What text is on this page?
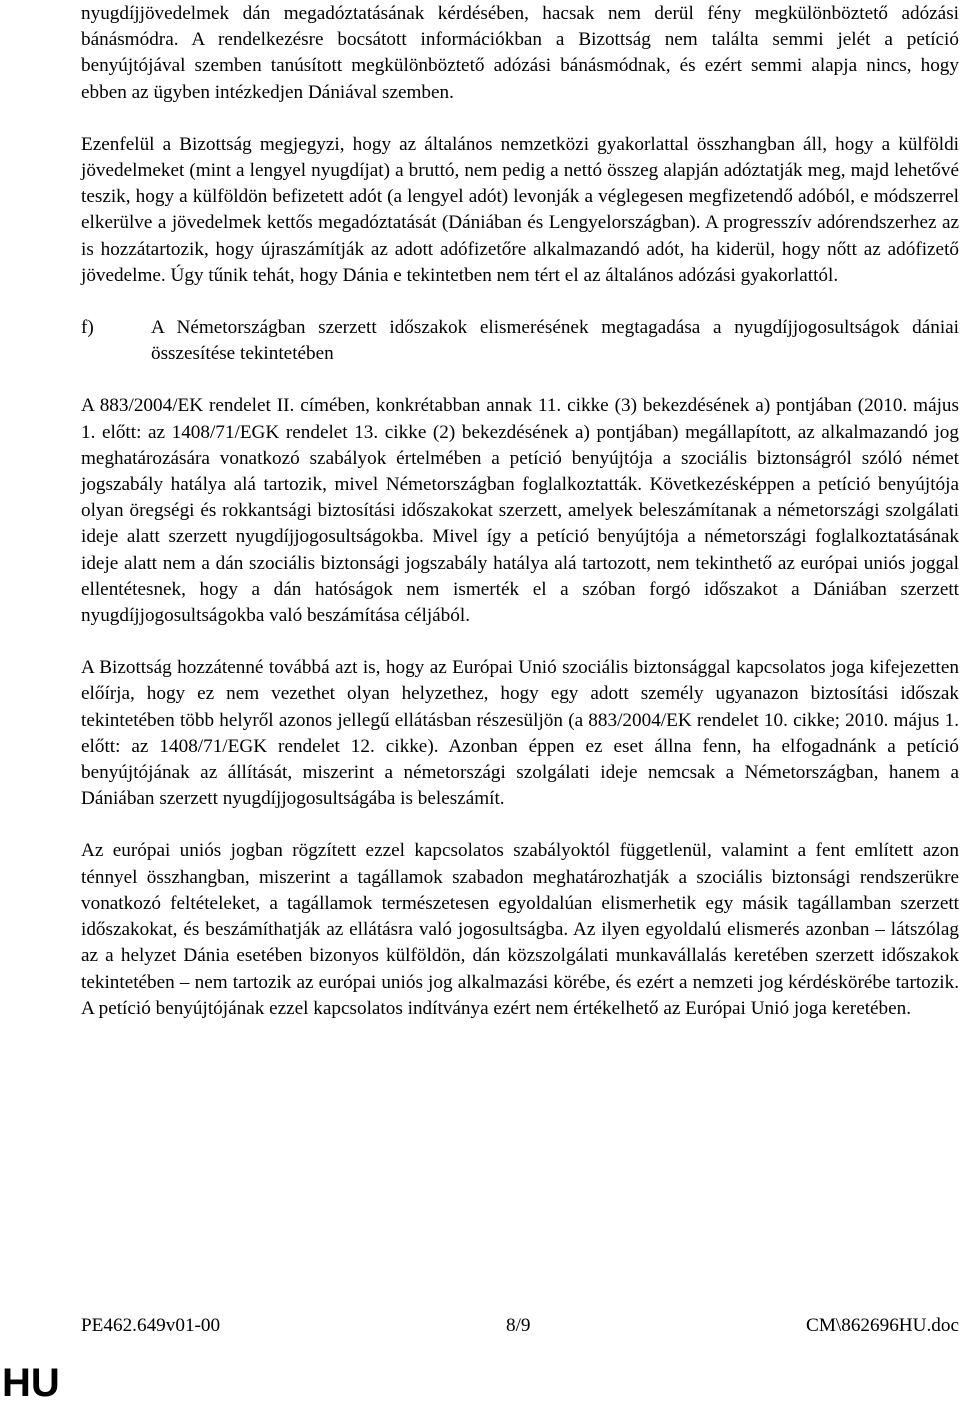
nyugdíjjövedelmek dán megadóztatásának kérdésében, hacsak nem derül fény megkülönböztető adózási bánásmódra. A rendelkezésre bocsátott információkban a Bizottság nem találta semmi jelét a petíció benyújtójával szemben tanúsított megkülönböztető adózási bánásmódnak, és ezért semmi alapja nincs, hogy ebben az ügyben intézkedjen Dániával szemben.

Ezenfelül a Bizottság megjegyzi, hogy az általános nemzetközi gyakorlattal összhangban áll, hogy a külföldi jövedelmeket (mint a lengyel nyugdíjat) a bruttó, nem pedig a nettó összeg alapján adóztatják meg, majd lehetővé teszik, hogy a külföldön befizetett adót (a lengyel adót) levonják a véglegesen megfizetendő adóból, e módszerrel elkerülve a jövedelmek kettős megadóztatását (Dániában és Lengyelországban). A progresszív adórendszerhez az is hozzátartozik, hogy újraszámítják az adott adófizetőre alkalmazandó adót, ha kiderül, hogy nőtt az adófizető jövedelme. Úgy tűnik tehát, hogy Dánia e tekintetben nem tért el az általános adózási gyakorlattól.

f)	A Németországban szerzett időszakok elismerésének megtagadása a nyugdíjjogosultságok dániai összesítése tekintetében

A 883/2004/EK rendelet II. címében, konkrétabban annak 11. cikke (3) bekezdésének a) pontjában (2010. május 1. előtt: az 1408/71/EGK rendelet 13. cikke (2) bekezdésének a) pontjában) megállapított, az alkalmazandó jog meghatározására vonatkozó szabályok értelmében a petíció benyújtója a szociális biztonságról szóló német jogszabály hatálya alá tartozik, mivel Németországban foglalkoztatták. Következésképpen a petíció benyújtója olyan öregségi és rokkantsági biztosítási időszakokat szerzett, amelyek beleszámítanak a németországi szolgálati ideje alatt szerzett nyugdíjjogosultságokba. Mivel így a petíció benyújtója a németországi foglalkoztatásának ideje alatt nem a dán szociális biztonsági jogszabály hatálya alá tartozott, nem tekinthető az európai uniós joggal ellentétesnek, hogy a dán hatóságok nem ismerték el a szóban forgó időszakot a Dániában szerzett nyugdíjjogosultságokba való beszámítása céljából.

A Bizottság hozzátenné továbbá azt is, hogy az Európai Unió szociális biztonsággal kapcsolatos joga kifejezetten előírja, hogy ez nem vezethet olyan helyzethez, hogy egy adott személy ugyanazon biztosítási időszak tekintetében több helyről azonos jellegű ellátásban részesüljön (a 883/2004/EK rendelet 10. cikke; 2010. május 1. előtt: az 1408/71/EGK rendelet 12. cikke). Azonban éppen ez eset állna fenn, ha elfogadnánk a petíció benyújtójának az állítását, miszerint a németországi szolgálati ideje nemcsak a Németországban, hanem a Dániában szerzett nyugdíjjogosultságába is beleszámít.

Az európai uniós jogban rögzített ezzel kapcsolatos szabályoktól függetlenül, valamint a fent említett azon ténnyel összhangban, miszerint a tagállamok szabadon meghatározhatják a szociális biztonsági rendszerükre vonatkozó feltételeket, a tagállamok természetesen egyoldalúan elismerhetik egy másik tagállamban szerzett időszakokat, és beszámíthatják az ellátásra való jogosultságba. Az ilyen egyoldalú elismerés azonban – látszólag az a helyzet Dánia esetében bizonyos külföldön, dán közszolgálati munkavállalás keretében szerzett időszakok tekintetében – nem tartozik az európai uniós jog alkalmazási körébe, és ezért a nemzeti jog kérdéskörébe tartozik. A petíció benyújtójának ezzel kapcsolatos indítványa ezért nem értékelhető az Európai Unió joga keretében.

PE462.649v01-00	8/9	CM\862696HU.doc
HU
